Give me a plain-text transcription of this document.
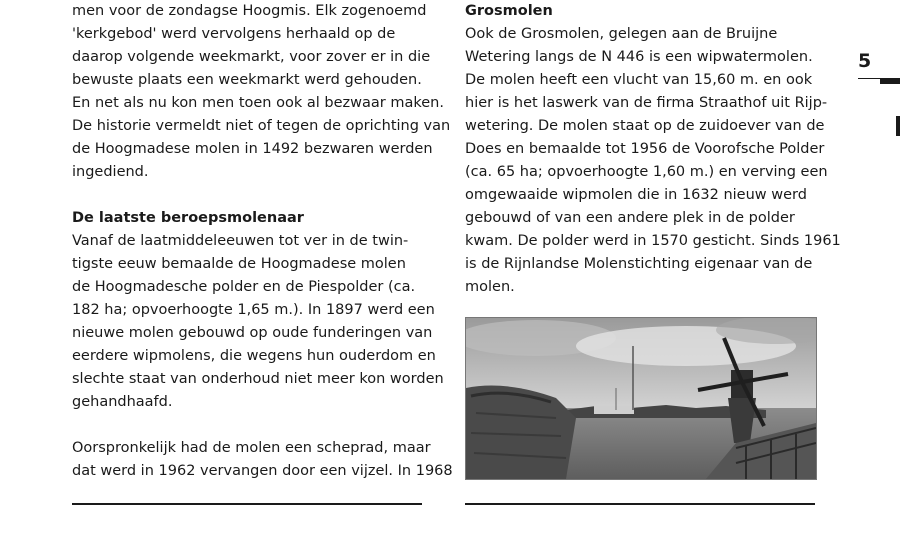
men voor de zondagse Hoogmis. Elk zogenoemd
'kerkgebod' werd vervolgens herhaald op de
daarop volgende weekmarkt, voor zover er in die
bewuste plaats een weekmarkt werd gehouden.
En net als nu kon men toen ook al bezwaar maken.
De historie vermeldt niet of tegen de oprichting van
de Hoogmadese molen in 1492 bezwaren werden
ingediend.
De laatste beroepsmolenaar
Vanaf de laatmiddeleeuwen tot ver in de twin-
tigste eeuw bemaalde de Hoogmadese molen
de Hoogmadesche polder en de Piespolder (ca.
182 ha; opvoerhoogte 1,65 m.). In 1897 werd een
nieuwe molen gebouwd op oude funderingen van
eerdere wipmolens, die wegens hun ouderdom en
slechte staat van onderhoud niet meer kon worden
gehandhaafd.
Oorspronkelijk had de molen een scheprad, maar
dat werd in 1962 vervangen door een vijzel. In 1968
Grosmolen
Ook de Grosmolen, gelegen aan de Bruijne
Wetering langs de N 446 is een wipwatermolen.
De molen heeft een vlucht van 15,60 m. en ook
hier is het laswerk van de firma Straathof uit Rijp-
wetering. De molen staat op de zuidoever van de
Does en bemaalde tot 1956 de Voorofsche Polder
(ca. 65 ha; opvoerhoogte 1,60 m.) en verving een
omgewaaide wipmolen die in 1632 nieuw werd
gebouwd of van een andere plek in de polder
kwam. De polder werd in 1570 gesticht. Sinds 1961
is de Rijnlandse Molenstichting eigenaar van de
molen.
5
